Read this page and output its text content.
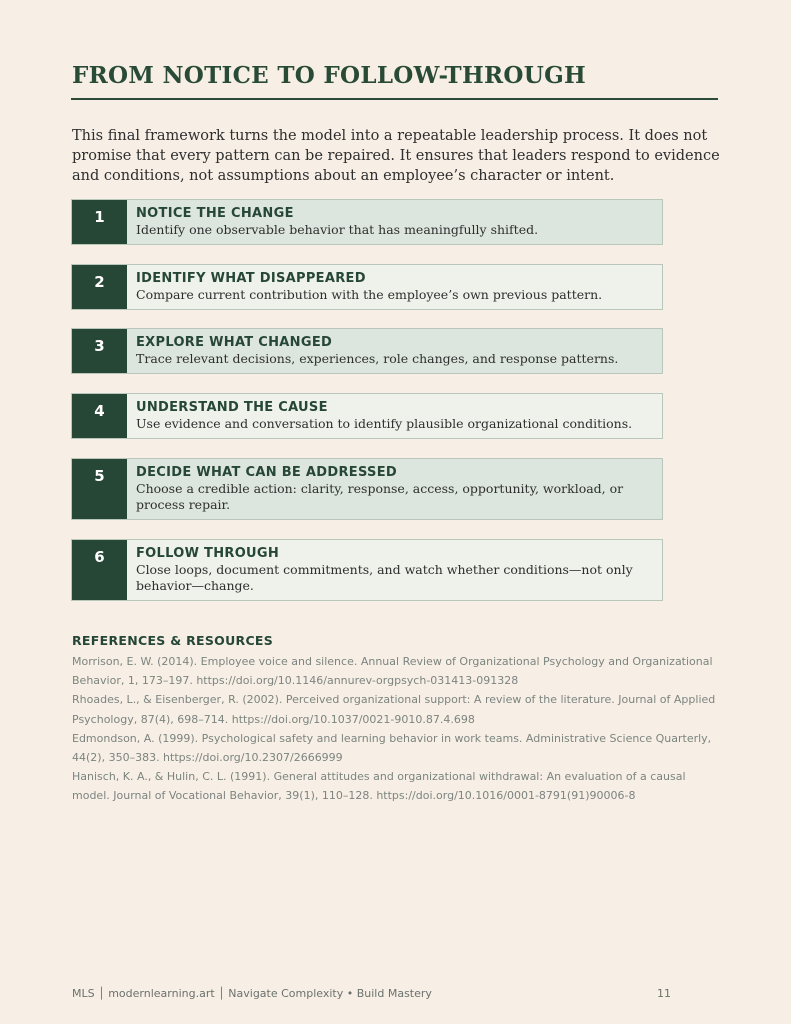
FROM NOTICE TO FOLLOW-THROUGH

This final framework turns the model into a repeatable leadership process. It does not promise that every pattern can be repaired. It ensures that leaders respond to evidence and conditions, not assumptions about an employee’s character or intent.

1	NOTICE THE CHANGE
Identify one observable behavior that has meaningfully shifted.
2	IDENTIFY WHAT DISAPPEARED
Compare current contribution with the employee’s own previous pattern.
3	EXPLORE WHAT CHANGED
Trace relevant decisions, experiences, role changes, and response patterns.
4	UNDERSTAND THE CAUSE
Use evidence and conversation to identify plausible organizational conditions.
5	DECIDE WHAT CAN BE ADDRESSED
Choose a credible action: clarity, response, access, opportunity, workload, or process repair.
6	FOLLOW THROUGH
Close loops, document commitments, and watch whether conditions—not only behavior—change.
REFERENCES & RESOURCES

Morrison, E. W. (2014). Employee voice and silence. Annual Review of Organizational Psychology and Organizational Behavior, 1, 173–197. https://doi.org/10.1146/annurev-orgpsych-031413-091328

Rhoades, L., & Eisenberger, R. (2002). Perceived organizational support: A review of the literature. Journal of Applied Psychology, 87(4), 698–714. https://doi.org/10.1037/0021-9010.87.4.698

Edmondson, A. (1999). Psychological safety and learning behavior in work teams. Administrative Science Quarterly, 44(2), 350–383. https://doi.org/10.2307/2666999

Hanisch, K. A., & Hulin, C. L. (1991). General attitudes and organizational withdrawal: An evaluation of a causal model. Journal of Vocational Behavior, 39(1), 110–128. https://doi.org/10.1016/0001-8791(91)90006-8

MLS │ modernlearning.art │ Navigate Complexity • Build Mastery	11
